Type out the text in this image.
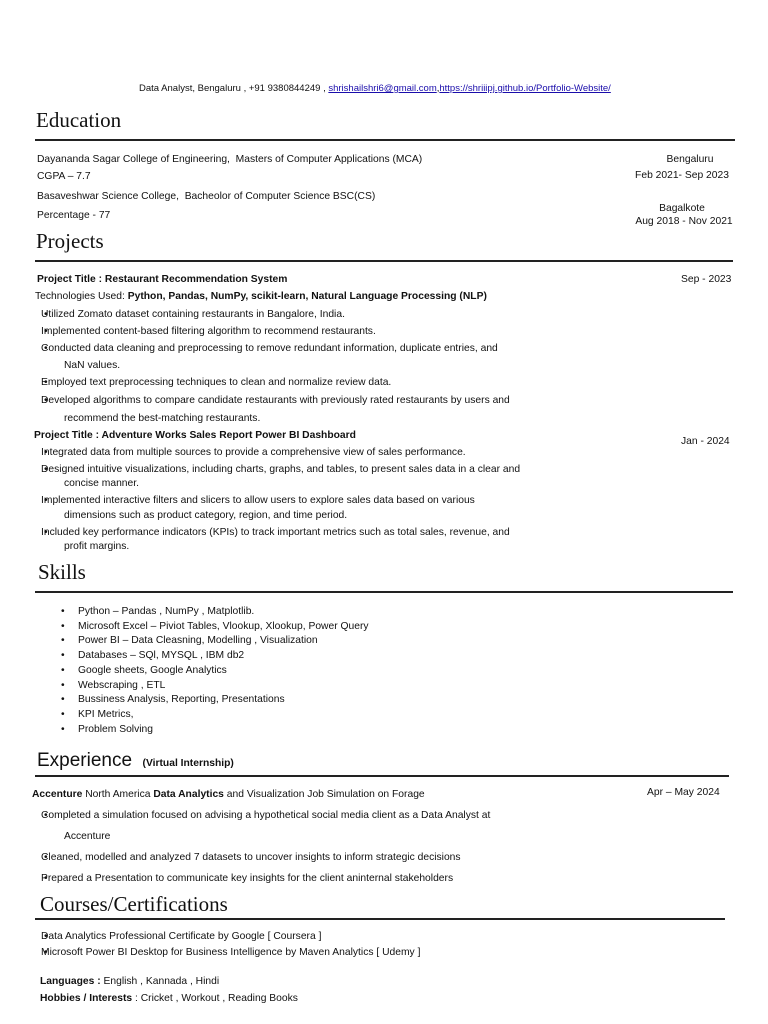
Data Analyst, Bengaluru , +91 9380844249 , shrishailshri6@gmail.com,https://shriiipj.github.io/Portfolio-Website/
Education
Dayananda Sagar College of Engineering, Masters of Computer Applications (MCA)
CGPA – 7.7
Bengaluru
Feb 2021- Sep 2023
Basaveshwar Science College, Bacheolor of Computer Science BSC(CS)
Percentage - 77
Bagalkote
Aug 2018 - Nov 2021
Projects
Project Title : Restaurant Recommendation System	Sep - 2023
Technologies Used: Python, Pandas, NumPy, scikit-learn, Natural Language Processing (NLP)
• Utilized Zomato dataset containing restaurants in Bangalore, India.
• Implemented content-based filtering algorithm to recommend restaurants.
• Conducted data cleaning and preprocessing to remove redundant information, duplicate entries, and
NaN values.
• Employed text preprocessing techniques to clean and normalize review data.
• Developed algorithms to compare candidate restaurants with previously rated restaurants by users and
recommend the best-matching restaurants.
Project Title : Adventure Works Sales Report Power BI Dashboard
Jan - 2024
• Integrated data from multiple sources to provide a comprehensive view of sales performance.
• Designed intuitive visualizations, including charts, graphs, and tables, to present sales data in a clear and
concise manner.
• Implemented interactive filters and slicers to allow users to explore sales data based on various
dimensions such as product category, region, and time period.
• Included key performance indicators (KPIs) to track important metrics such as total sales, revenue, and
profit margins.
Skills
• Python – Pandas , NumPy , Matplotlib.
• Microsoft Excel – Piviot Tables, Vlookup, Xlookup, Power Query
• Power BI – Data Cleasning, Modelling , Visualization
• Databases – SQl, MYSQL , IBM db2
• Google sheets, Google Analytics
• Webscraping , ETL
• Bussiness Analysis, Reporting, Presentations
• KPI Metrics,
• Problem Solving
Experience (Virtual Internship)
Accenture North America Data Analytics and Visualization Job Simulation on Forage	Apr – May 2024
• Completed a simulation focused on advising a hypothetical social media client as a Data Analyst at
Accenture
• Cleaned, modelled and analyzed 7 datasets to uncover insights to inform strategic decisions
• Prepared a Presentation to communicate key insights for the client aninternal stakeholders
Courses/Certifications
• Data Analytics Professional Certificate by Google [ Coursera ]
• Microsoft Power BI Desktop for Business Intelligence by Maven Analytics [ Udemy ]
Languages : English , Kannada , Hindi
Hobbies / Interests : Cricket , Workout , Reading Books
